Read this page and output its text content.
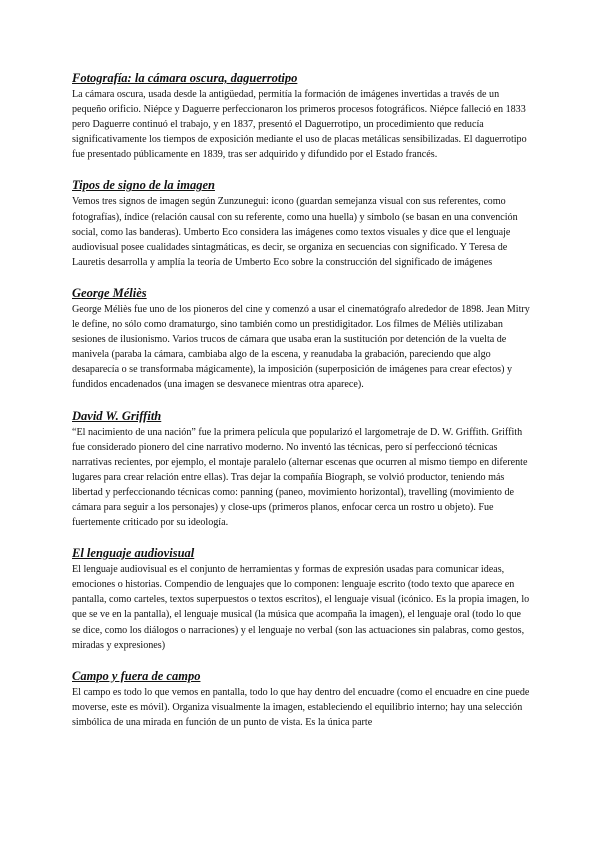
Fotografía: la cámara oscura, daguerrotipo

La cámara oscura, usada desde la antigüedad, permitía la formación de imágenes invertidas a través de un pequeño orificio. Niépce y Daguerre perfeccionaron los primeros procesos fotográficos. Niépce falleció en 1833 pero Daguerre continuó el trabajo, y en 1837, presentó el Daguerrotipo, un procedimiento que reducía significativamente los tiempos de exposición mediante el uso de placas metálicas sensibilizadas. El daguerrotipo fue presentado públicamente en 1839, tras ser adquirido y difundido por el Estado francés.

Tipos de signo de la imagen

Vemos tres signos de imagen según Zunzunegui: icono (guardan semejanza visual con sus referentes, como fotografías), índice (relación causal con su referente, como una huella) y símbolo (se basan en una convención social, como las banderas). Umberto Eco considera las imágenes como textos visuales y dice que el lenguaje audiovisual posee cualidades sintagmáticas, es decir, se organiza en secuencias con significado. Y Teresa de Lauretis desarrolla y amplía la teoría de Umberto Eco sobre la construcción del significado de imágenes

George Méliès

George Méliès fue uno de los pioneros del cine y comenzó a usar el cinematógrafo alrededor de 1898. Jean Mitry le define, no sólo como dramaturgo, sino también como un prestidigitador. Los filmes de Méliès utilizaban sesiones de ilusionismo. Varios trucos de cámara que usaba eran la sustitución por detención de la vuelta de manivela (paraba la cámara, cambiaba algo de la escena, y reanudaba la grabación, pareciendo que algo desaparecía o se transformaba mágicamente), la imposición (superposición de imágenes para crear efectos) y fundidos encadenados (una imagen se desvanece mientras otra aparece).

David W. Griffith

“El nacimiento de una nación” fue la primera película que popularizó el largometraje de D. W. Griffith. Griffith fue considerado pionero del cine narrativo moderno. No inventó las técnicas, pero sí perfeccionó técnicas narrativas recientes, por ejemplo, el montaje paralelo (alternar escenas que ocurren al mismo tiempo en diferente lugares para crear relación entre ellas). Tras dejar la compañía Biograph, se volvió productor, teniendo más libertad y perfeccionando técnicas como: panning (paneo, movimiento horizontal), travelling (movimiento de cámara para seguir a los personajes) y close-ups (primeros planos, enfocar cerca un rostro u objeto). Fue fuertemente criticado por su ideología.

El lenguaje audiovisual

El lenguaje audiovisual es el conjunto de herramientas y formas de expresión usadas para comunicar ideas, emociones o historias. Compendio de lenguajes que lo componen: lenguaje escrito (todo texto que aparece en pantalla, como carteles, textos superpuestos o textos escritos), el lenguaje visual (icónico. Es la propia imagen, lo que se ve en la pantalla), el lenguaje musical (la música que acompaña la imagen), el lenguaje oral (todo lo que se dice, como los diálogos o narraciones) y el lenguaje no verbal (son las actuaciones sin palabras, como gestos, miradas y expresiones)

Campo y fuera de campo

El campo es todo lo que vemos en pantalla, todo lo que hay dentro del encuadre (como el encuadre en cine puede moverse, este es móvil). Organiza visualmente la imagen, estableciendo el equilibrio interno; hay una selección simbólica de una mirada en función de un punto de vista. Es la única parte
